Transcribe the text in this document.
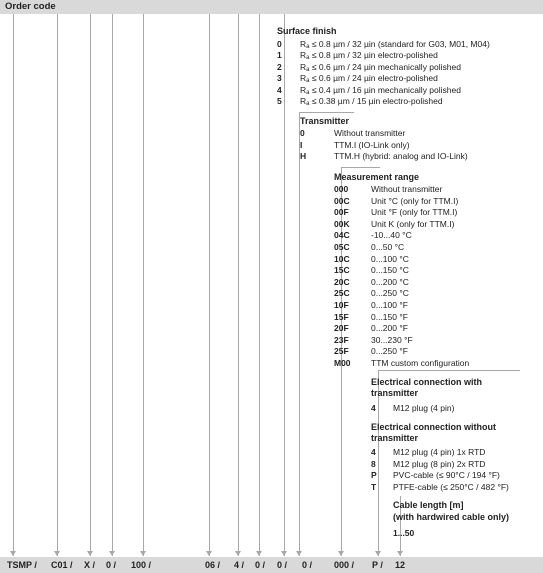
Order code
Surface finish
0 $R_a \le 0.8$ µm / 32 µin (standard for G03, M01, M04)
1 $R_a \le 0.8$ µm / 32 µin electro-polished
2 $R_a \le 0.6$ µm / 24 µin mechanically polished
3 $R_a \le 0.6$ µm / 24 µin electro-polished
4 $R_a \le 0.4$ µm / 16 µin mechanically polished
5 $R_a \le 0.38$ µm / 15 µin electro-polished
Transmitter
0	Without transmitter
I	TTM.I (IO-Link only)
H	TTM.H (hybrid: analog and IO-Link)
Measurement range
000	Without transmitter
00C	Unit °C (only for TTM.I)
00F	Unit °F (only for TTM.I)
00K	Unit K (only for TTM.I)
04C	-10...40 °C
05C	0...50 °C
10C	0...100 °C
15C	0...150 °C
20C	0...200 °C
25C	0...250 °C
10F	0...100 °F
15F	0...150 °F
20F	0...200 °F
23F	30...230 °F
25F	0...250 °F
M00 TTM custom configuration
Electrical connection with
transmitter
4 M12 plug (4 pin)
Electrical connection without
transmitter
4 M12 plug (4 pin) 1x RTD
8 M12 plug (8 pin) 2x RTD
P PVC-cable (≤ 90°C / 194 °F)
T PTFE-cable (≤ 250°C / 482 °F)
Cable length [m]
(with hardwired cable only)
1...50
TSMP / C01 / X / 0 / 100 /	06 / 4 / 0 / 0 / 0 / 000 / P / 12
